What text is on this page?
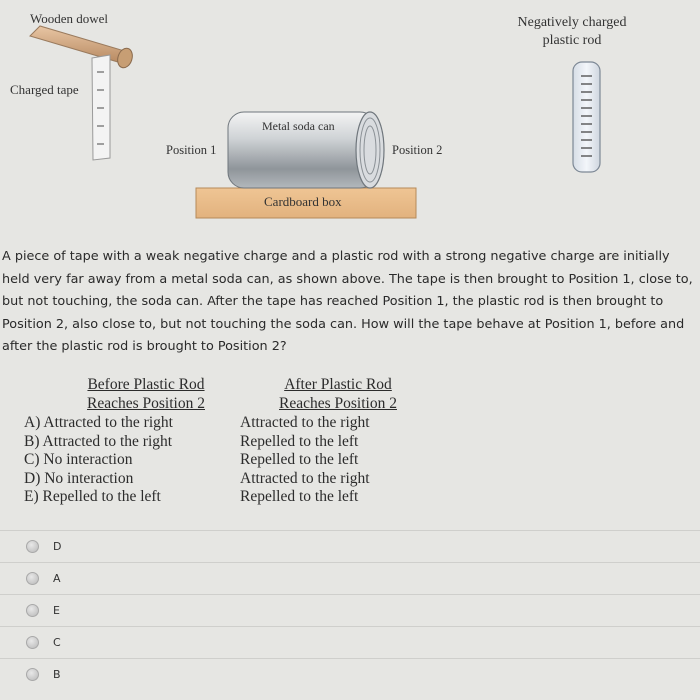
Wooden dowel
Charged tape
Metal soda can
Position 1	Position 2
Cardboard box
Negatively charged
plastic rod
A piece of tape with a weak negative charge and a plastic rod with a strong negative charge are initially held very far away from a metal soda can, as shown above. The tape is then brought to Position 1, close to, but not touching, the soda can. After the tape has reached Position 1, the plastic rod is then brought to Position 2, also close to, but not touching the soda can. How will the tape behave at Position 1, before and after the plastic rod is brought to Position 2?
Before Plastic Rod
Reaches Position 2
After Plastic Rod
Reaches Position 2
A) Attracted to the right
B) Attracted to the right
C) No interaction
D) No interaction
E) Repelled to the left
Attracted to the right
Repelled to the left
Repelled to the left
Attracted to the right
Repelled to the left
D
A
E
C
B
